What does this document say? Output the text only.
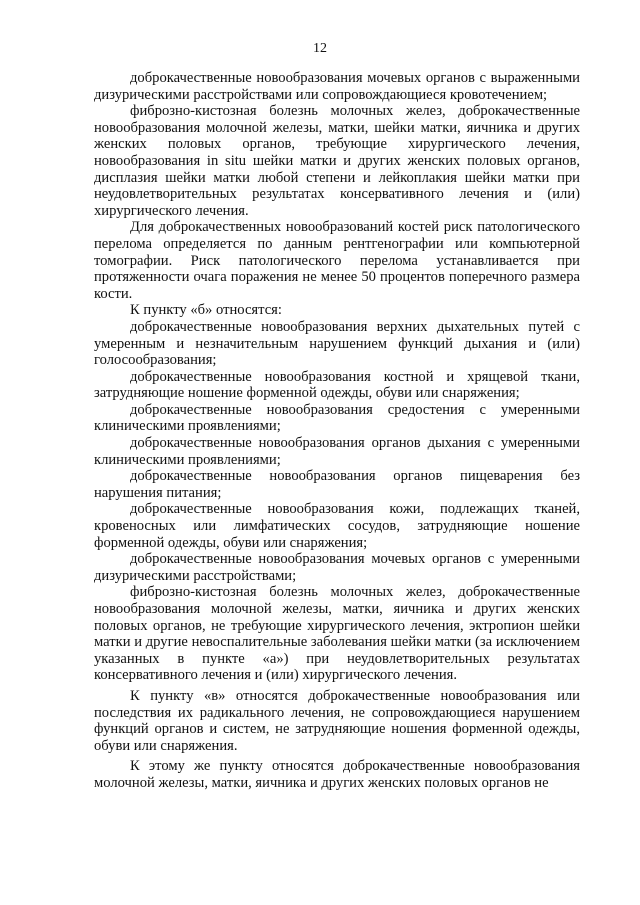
12

доброкачественные новообразования мочевых органов с выраженными дизурическими расстройствами или сопровождающиеся кровотечением;

фиброзно-кистозная болезнь молочных желез, доброкачественные новообразования молочной железы, матки, шейки матки, яичника и других женских половых органов, требующие хирургического лечения, новообразования in situ шейки матки и других женских половых органов, дисплазия шейки матки любой степени и лейкоплакия шейки матки при неудовлетворительных результатах консервативного лечения и (или) хирургического лечения.

Для доброкачественных новообразований костей риск патологического перелома определяется по данным рентгенографии или компьютерной томографии. Риск патологического перелома устанавливается при протяженности очага поражения не менее 50 процентов поперечного размера кости.

К пункту «б» относятся:

доброкачественные новообразования верхних дыхательных путей с умеренным и незначительным нарушением функций дыхания и (или) голосообразования;

доброкачественные новообразования костной и хрящевой ткани, затрудняющие ношение форменной одежды, обуви или снаряжения;

доброкачественные новообразования средостения с умеренными клиническими проявлениями;

доброкачественные новообразования органов дыхания с умеренными клиническими проявлениями;

доброкачественные новообразования органов пищеварения без нарушения питания;

доброкачественные новообразования кожи, подлежащих тканей, кровеносных или лимфатических сосудов, затрудняющие ношение форменной одежды, обуви или снаряжения;

доброкачественные новообразования мочевых органов с умеренными дизурическими расстройствами;

фиброзно-кистозная болезнь молочных желез, доброкачественные новообразования молочной железы, матки, яичника и других женских половых органов, не требующие хирургического лечения, эктропион шейки матки и другие невоспалительные заболевания шейки матки (за исключением указанных в пункте «а») при неудовлетворительных результатах консервативного лечения и (или) хирургического лечения.

К пункту «в» относятся доброкачественные новообразования или последствия их радикального лечения, не сопровождающиеся нарушением функций органов и систем, не затрудняющие ношения форменной одежды, обуви или снаряжения.

К этому же пункту относятся доброкачественные новообразования молочной железы, матки, яичника и других женских половых органов не
